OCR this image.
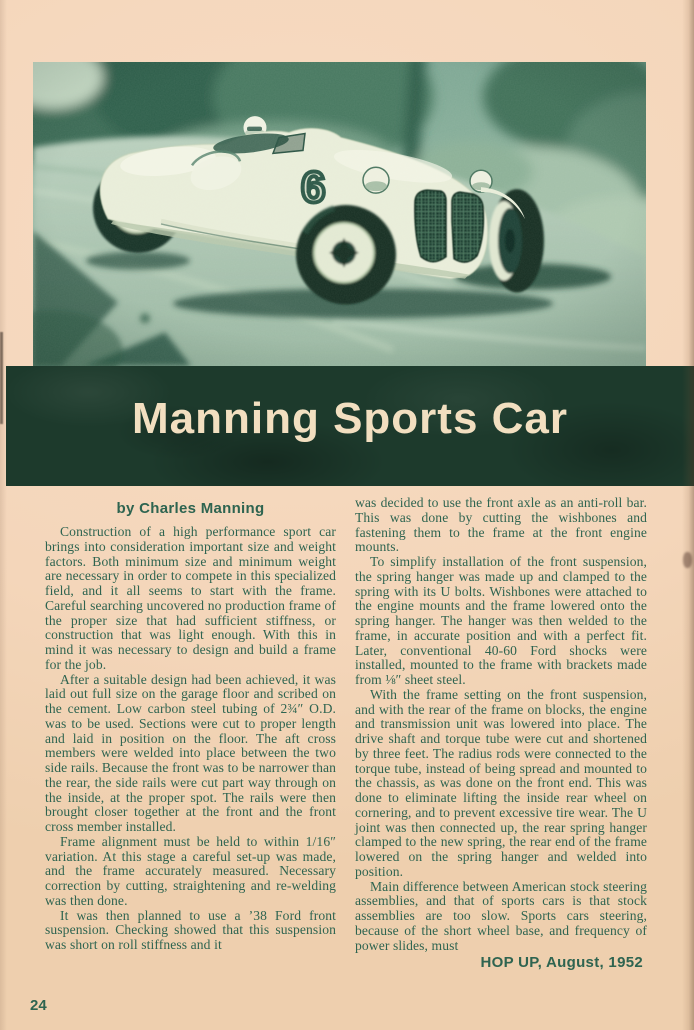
Manning Sports Car
by Charles Manning

Construction of a high performance sport car brings into consideration important size and weight factors. Both minimum size and minimum weight are necessary in order to compete in this specialized field, and it all seems to start with the frame. Careful searching uncovered no production frame of the proper size that had sufficient stiffness, or construction that was light enough. With this in mind it was necessary to design and build a frame for the job.

After a suitable design had been achieved, it was laid out full size on the garage floor and scribed on the cement. Low carbon steel tubing of 2¾″ O.D. was to be used. Sections were cut to proper length and laid in position on the floor. The aft cross members were welded into place between the two side rails. Because the front was to be narrower than the rear, the side rails were cut part way through on the inside, at the proper spot. The rails were then brought closer together at the front and the front cross member installed.

Frame alignment must be held to within 1/16″ variation. At this stage a careful set-up was made, and the frame accurately measured. Necessary correction by cutting, straightening and re-welding was then done.

It was then planned to use a ’38 Ford front suspension. Checking showed that this suspension was short on roll stiffness and it

was decided to use the front axle as an anti-roll bar. This was done by cutting the wishbones and fastening them to the frame at the front engine mounts.

To simplify installation of the front suspension, the spring hanger was made up and clamped to the spring with its U bolts. Wishbones were attached to the engine mounts and the frame lowered onto the spring hanger. The hanger was then welded to the frame, in accurate position and with a perfect fit. Later, conventional 40-60 Ford shocks were installed, mounted to the frame with brackets made from ⅛″ sheet steel.

With the frame setting on the front suspension, and with the rear of the frame on blocks, the engine and transmission unit was lowered into place. The drive shaft and torque tube were cut and shortened by three feet. The radius rods were connected to the torque tube, instead of being spread and mounted to the chassis, as was done on the front end. This was done to eliminate lifting the inside rear wheel on cornering, and to prevent excessive tire wear. The U joint was then connected up, the rear spring hanger clamped to the new spring, the rear end of the frame lowered on the spring hanger and welded into position.

Main difference between American stock steering assemblies, and that of sports cars is that stock assemblies are too slow. Sports cars steering, because of the short wheel base, and frequency of power slides, must

HOP UP, August, 1952
24
